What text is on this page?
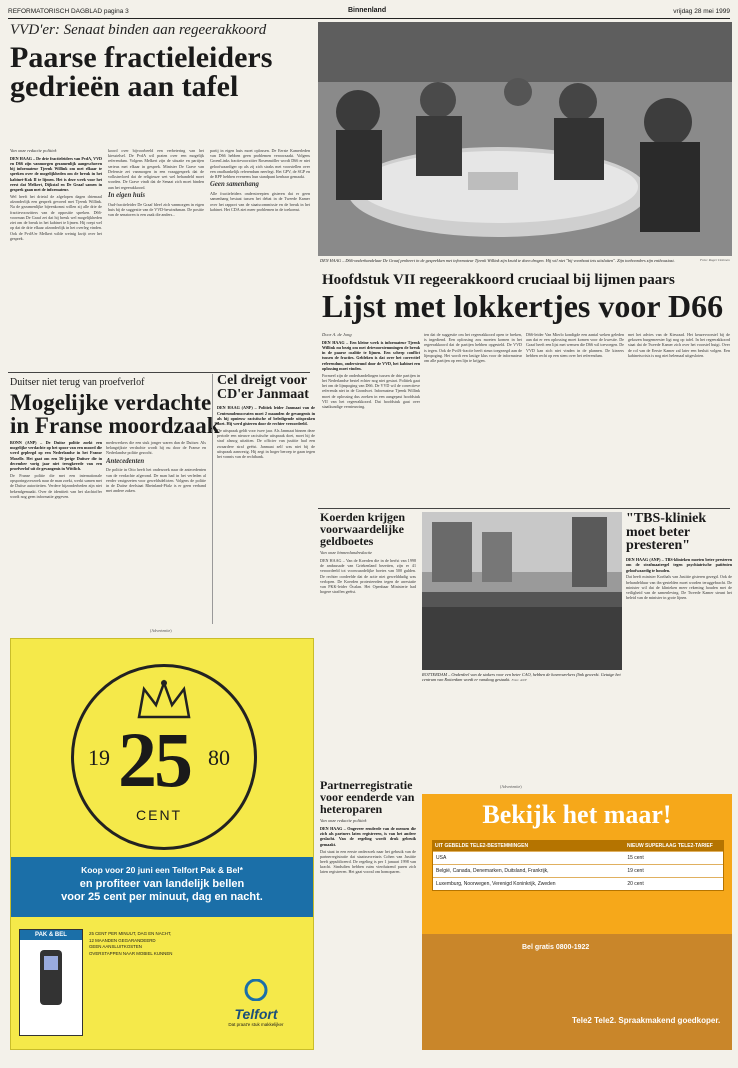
REFORMATORISCH DAGBLAD pagina 3	Binnenland	vrijdag 28 mei 1999
VVD'er: Senaat binden aan regeerakkoord
Paarse fractieleiders
gedrieën aan tafel
Van onze redactie politiek

DEN HAAG – De drie fractieleiders van PvdA, VVD en D66 zijn vanmorgen gezamenlijk aangeschoven bij informateur Tjeenk Willink om met elkaar te spreken over de mogelijkheden om de breuk in het kabinet-Kok II te lijmen. Het is deze week voor het eerst dat Melkert, Dijkstal en De Graaf samen in gesprek gaan met de informateur.

Wel heeft het drietal de afgelopen dagen driemaal afzonderlijk een gesprek gevoerd met Tjeenk Willink. Na de gezamenlijke bijeenkomst willen zij alle drie de fractievoorzitters van de oppositie spreken. D66-voorman De Graaf zei dat hij breuk wel mogelijkheden ziet om de breuk in het kabinet te lijmen. Hij roept wel op dat de drie elkaar afzonderlijk in het overleg vinden. Ook de PvdA'er Melkert wilde weinig kwijt over het gesprek.

koord over bijvoorbeeld een verbetering van het kiesstelsel. De PvdA wil praten over een mogelijk referendum. Volgens Melkert zijn de situatie en partijen serieus met elkaar in gesprek. Minister De Grave van Defensie zei vanmorgen in een vraaggesprek dat de volksinvloed dat de religieuze wet wel behandeld moet worden. De Grave vindt dat de Senaat zich moet binden aan het regeerakkoord.

In eigen huis

Oud-fractieleider De Graaf bleef zich vanmorgen in eigen huis bij de suggestie van de VVD-bewindsman. De positie van de senatoren is een zaak die anders...

partij in eigen huis moet oplossen. De Eerste Kamerleden van D66 hebben geen problemen veroorzaakt. Volgens GroenLinks fractievoorzitter Rosenmöller wordt D66 er niet geloofwaardiger op als zij zich straks met voorstellen over een onafhankelijk referendum neerlegt. Het GPV, de SGP en de RPF hebben eveneens hun standpunt kenbaar gemaakt.

Geen samenhang

Alle fractieleiders onderstreepten gisteren dat er geen samenhang bestaat tussen het debat in de Tweede Kamer over het rapport van de staatscommissie en de breuk in het kabinet. Het CDA ziet meer problemen in de toekomst.

DEN HAAG – D66-onderhandelaar De Graaf probeert in de gesprekken met informateur Tjeenk Willink zijn kruid te doen drogen. Hij wil niet "bij voorbaat iets uitsluiten". Zijn toehoorders zijn enthousiast.	Foto: Roger Dohmen
Hoofdstuk VII regeerakkoord cruciaal bij lijmen paars
Lijst met lokkertjes voor D66
Door A. de Jong

DEN HAAG – Een kleine week is informateur Tjeenk Willink nu bezig om met drievoorstemmingen de breuk in de paarse coalitie te lijmen. Een scherp conflict tussen de fracties. Gebleken is dat over het correctief referendum, ondersteund door de VVD, het kabinet een oplossing moet vinden.

Formeel zijn de onderhandelingen tussen de drie partijen in het Nederlandse bestel echter nog niet gestart. Politiek gaat het om de lijmpoging van D66. De VVD wil de correctieve referenda niet in de Grondwet. Informateur Tjeenk Willink moet de oplossing dus zoeken in een aangepast hoofdstuk VII van het regeerakkoord. Dat hoofdstuk gaat over staatkundige vernieuwing.

ten dat de suggestie om het regeerakkoord open te breken, is ingediend. Een oplossing zou moeten komen in het regeerakkoord dat de partijen hebben opgesteld. De VVD is tegen. Ook de PvdA-fractie heeft steun toegezegd aan de lijmpoging. Het wordt een lastige klus voor de informateur om alle partijen op een lijn te krijgen.

D66-leider Van Mierlo kondigde een aantal weken geleden aan dat er een oplossing moet komen voor de kwestie. De Graaf heeft een lijst met wensen die D66 wil toevoegen. De VVD kan zich niet vinden in de plannen. De kiezers hebben recht op een stem over het referendum.

met het advies van de Kiesraad. Het keuzevoorstel bij de gekozen burgemeester ligt nog op tafel. In het regeerakkoord staat dat de Tweede Kamer zich over het voorstel buigt. Over de rol van de Eerste Kamer zal later een besluit volgen. Een kabinetscrisis is nog niet helemaal uitgesloten.

Duitser niet terug van proefverlof
Mogelijke verdachte
in Franse moordzaak

BONN (ANP) – De Duitse politie zoekt een mogelijke verdachte op het spoor van een moord die werd gepleegd op een Nederlandse in het Franse Moselle. Het gaat om een 56-jarige Duitser die in december vorig jaar niet terugkeerde van een proefverlof uit de gevangenis in Wittlich.

De Franse politie die met een internationale opsporingsverzoek naar de man zoekt, werkt samen met de Duitse autoriteiten. Verdere bijzonderheden zijn niet bekendgemaakt. Over de identiteit van het slachtoffer wordt nog geen informatie gegeven.

medewerkers die een stuk jonger waren dan de Duitser. Als belangrijkste verdachte wordt hij nu door de Franse en Nederlandse politie gezocht.

Antecedenten

De politie in Otto heeft het onderzoek naar de antecedenten van de verdachte afgerond. De man had in het verleden al eerder vastgezeten voor geweldsdelicten. Volgens de politie in de Duitse deelstaat Rheinland-Pfalz is er geen verband met andere zaken.

Cel dreigt voor CD'er Janmaat

DEN HAAG (ANP) – Politiek leider Janmaat van de Centrumdemocraten moet 2 maanden de gevangenis in als hij opnieuw racistische of beledigende uitspraken doet. Hij werd gisteren door de rechter veroordeeld.

De uitspraak geldt voor twee jaar. Als Janmaat binnen deze periode een nieuwe racistische uitspraak doet, moet hij de straf alsnog uitzitten. De officier van justitie had een zwaardere straf geëist. Janmaat zelf was niet bij de uitspraak aanwezig. Hij zegt in hoger beroep te gaan tegen het vonnis van de rechtbank.

(Advertentie)
19 25 80
CENT
Koop voor 20 juni een Telfort Pak & Bel*
en profiteer van landelijk bellen
voor 25 cent per minuut, dag en nacht.
PAK & BEL	25 CENT PER MINUUT, DAG EN NACHT,
12 MAANDEN GEGARANDEERD
GEEN AANSLUITKOSTEN
OVERSTAPPEN NAAR MOBIEL KUNNEN
Telfort
Dat praat'e stuk makkelijker
Koerden krijgen voorwaardelijke geldboetes
Van onze binnenlandredactie

DEN HAAG – Van de Koerden die in de herfst van 1998 de ambassade van Griekenland bezetten, zijn er 41 veroordeeld tot voorwaardelijke boetes van 500 gulden. De rechter oordeelde dat de actie niet gewelddadig was verlopen. De Koerden protesteerden tegen de arrestatie van PKK-leider Öcalan. Het Openbaar Ministerie had hogere straffen geëist.

ROTTERDAM – Onderdeel van de stakers voor een beter CAO, hebben de havenwerkers flink gewerkt. Getuige het centrum van Rotterdam wordt er vandaag gestaakt. Foto: ANP
"TBS-kliniek
moet beter
presteren"

DEN HAAG (ANP) – TBS-klinieken moeten beter presteren om de strafmaatregel tegen psychiatrische patiënten geloofwaardig te houden.

Dat heeft minister Korthals van Justitie gisteren gezegd. Ook de behandelduur van tbs-gestelden moet worden teruggebracht. De minister wil dat de klinieken meer rekening houden met de veiligheid van de samenleving. De Tweede Kamer steunt het beleid van de minister in grote lijnen.

Partnerregistratie voor eenderde van heteroparen
Van onze redactie politiek

DEN HAAG – Ongeveer eenderde van de mensen die zich als partners laten registreren, is van het andere geslacht. Van de regeling wordt druk gebruik gemaakt.

Dat staat in een eerste onderzoek naar het gebruik van de partnerregistratie dat staatssecretaris Cohen van Justitie heeft gepubliceerd. De regeling is per 1 januari 1998 van kracht. Sindsdien hebben ruim vierduizend paren zich laten registreren. Het gaat vooral om homoparen.

(Advertentie)
Bekijk het maar!
UIT GEBELDE TELE2-BESTEMMINGEN	NIEUW SUPERLAAG TELE2-TARIEF
USA	15 cent
België, Canada, Denemarken, Duitsland, Frankrijk,	19 cent
Luxemburg, Noorwegen, Verenigd Koninkrijk, Zweden	20 cent
Bel gratis 0800-1922
Tele2 Tele2. Spraakmakend goedkoper.
